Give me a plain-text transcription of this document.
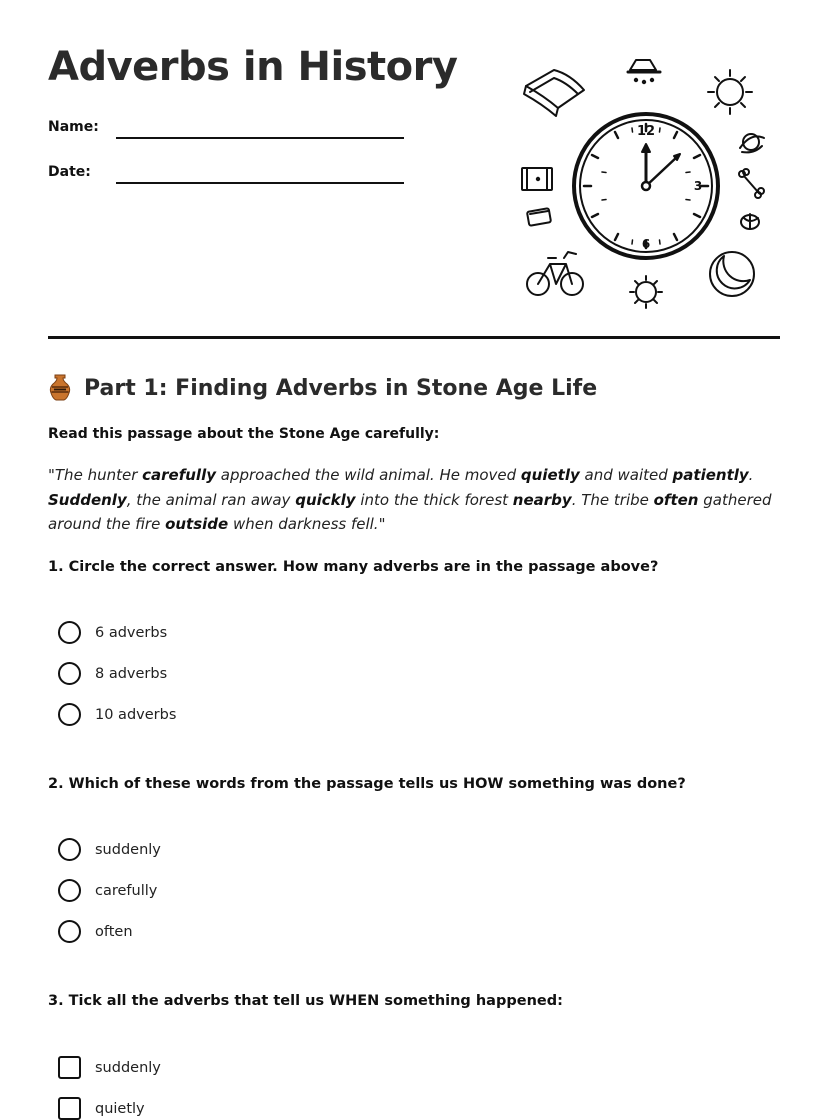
Adverbs in History
Name:
Date:
12
3
6
Part 1: Finding Adverbs in Stone Age Life
Read this passage about the Stone Age carefully:

"The hunter carefully approached the wild animal. He moved quietly and waited patiently. Suddenly, the animal ran away quickly into the thick forest nearby. The tribe often gathered around the fire outside when darkness fell."

1. Circle the correct answer. How many adverbs are in the passage above?
6 adverbs
8 adverbs
10 adverbs
2. Which of these words from the passage tells us HOW something was done?
suddenly
carefully
often
3. Tick all the adverbs that tell us WHEN something happened:
suddenly
quietly
